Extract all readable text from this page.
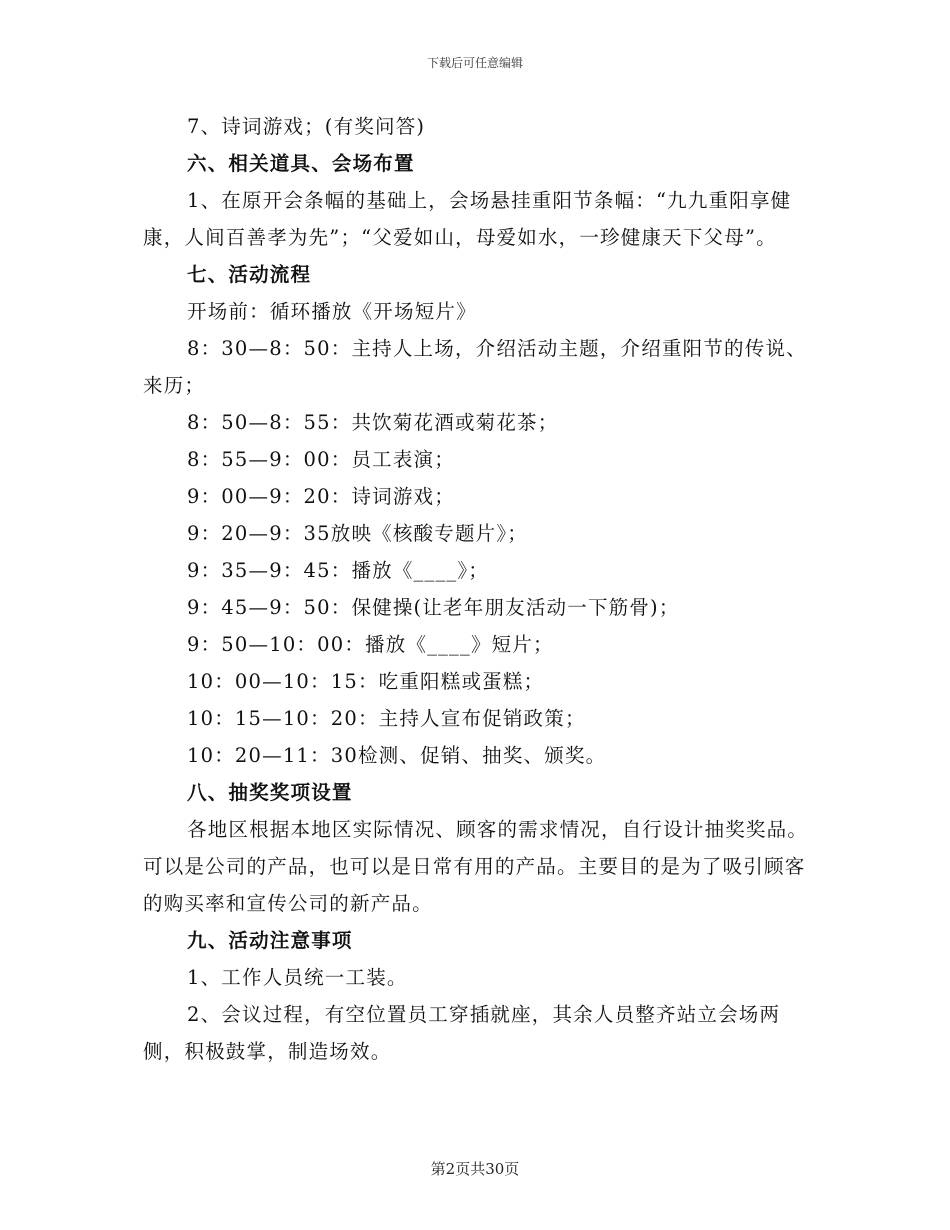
下载后可任意编辑

7、诗词游戏；(有奖问答)

六、相关道具、会场布置

1、在原开会条幅的基础上，会场悬挂重阳节条幅：“九九重阳享健康，人间百善孝为先”；“父爱如山，母爱如水，一珍健康天下父母”。

七、活动流程

开场前：循环播放《开场短片》

8：30—8：50：主持人上场，介绍活动主题，介绍重阳节的传说、来历；

8：50—8：55：共饮菊花酒或菊花茶；

8：55—9：00：员工表演；

9：00—9：20：诗词游戏；

9：20—9：35放映《核酸专题片》；

9：35—9：45：播放《____》；

9：45—9：50：保健操(让老年朋友活动一下筋骨)；

9：50—10：00：播放《____》短片；

10：00—10：15：吃重阳糕或蛋糕；

10：15—10：20：主持人宣布促销政策；

10：20—11：30检测、促销、抽奖、颁奖。

八、抽奖奖项设置

各地区根据本地区实际情况、顾客的需求情况，自行设计抽奖奖品。可以是公司的产品，也可以是日常有用的产品。主要目的是为了吸引顾客的购买率和宣传公司的新产品。

九、活动注意事项

1、工作人员统一工装。

2、会议过程，有空位置员工穿插就座，其余人员整齐站立会场两侧，积极鼓掌，制造场效。

第2页共30页
